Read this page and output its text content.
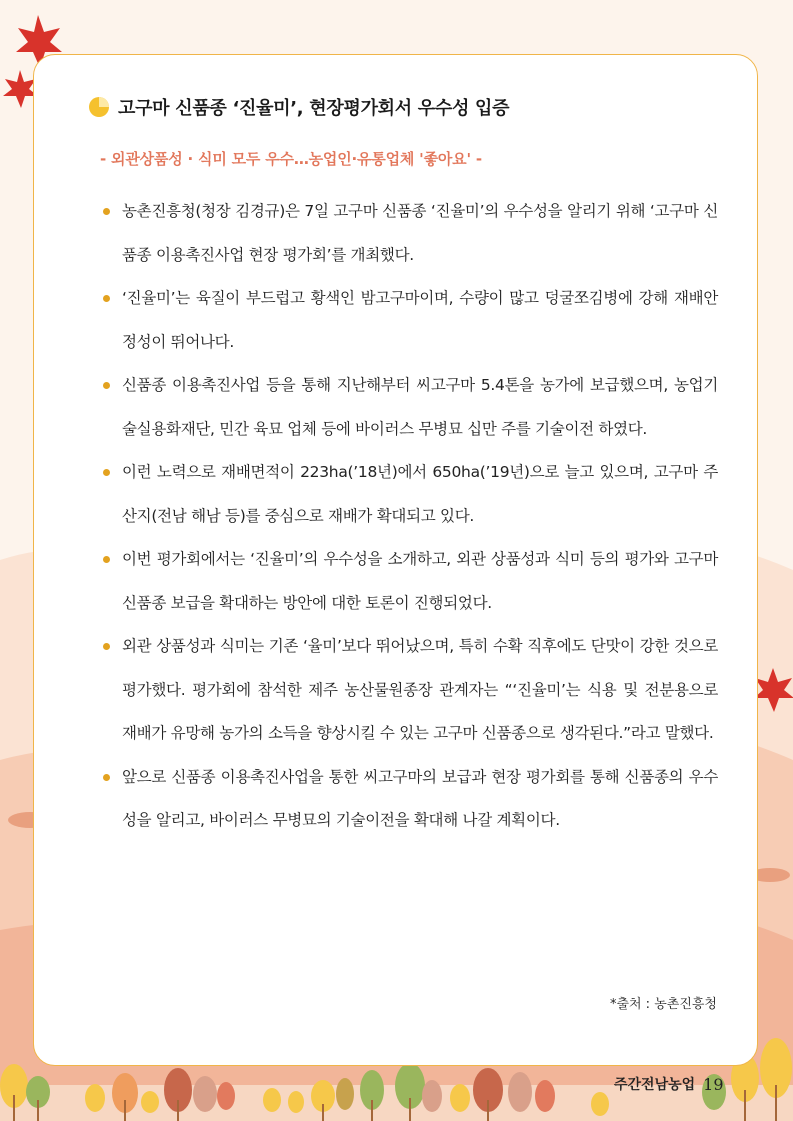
고구마 신품종 ‘진율미’, 현장평가회서 우수성 입증
- 외관상품성 · 식미 모두 우수…농업인·유통업체 '좋아요' -
농촌진흥청(청장 김경규)은 7일 고구마 신품종 ‘진율미’의 우수성을 알리기 위해 ‘고구마 신품종 이용촉진사업 현장 평가회’를 개최했다.
‘진율미’는 육질이 부드럽고 황색인 밤고구마이며, 수량이 많고 덩굴쪼김병에 강해 재배안정성이 뛰어나다.
신품종 이용촉진사업 등을 통해 지난해부터 씨고구마 5.4톤을 농가에 보급했으며, 농업기술실용화재단, 민간 육묘 업체 등에 바이러스 무병묘 십만 주를 기술이전 하였다.
이런 노력으로 재배면적이 223ha(’18년)에서 650ha(’19년)으로 늘고 있으며, 고구마 주산지(전남 해남 등)를 중심으로 재배가 확대되고 있다.
이번 평가회에서는 ‘진율미’의 우수성을 소개하고, 외관 상품성과 식미 등의 평가와 고구마 신품종 보급을 확대하는 방안에 대한 토론이 진행되었다.
외관 상품성과 식미는 기존 ‘율미’보다 뛰어났으며, 특히 수확 직후에도 단맛이 강한 것으로 평가했다. 평가회에 참석한 제주 농산물원종장 관계자는 “‘진율미’는 식용 및 전분용으로 재배가 유망해 농가의 소득을 향상시킬 수 있는 고구마 신품종으로 생각된다.”라고 말했다.
앞으로 신품종 이용촉진사업을 통한 씨고구마의 보급과 현장 평가회를 통해 신품종의 우수성을 알리고, 바이러스 무병묘의 기술이전을 확대해 나갈 계획이다.
*출처 : 농촌진흥청
주간전남농업 19
